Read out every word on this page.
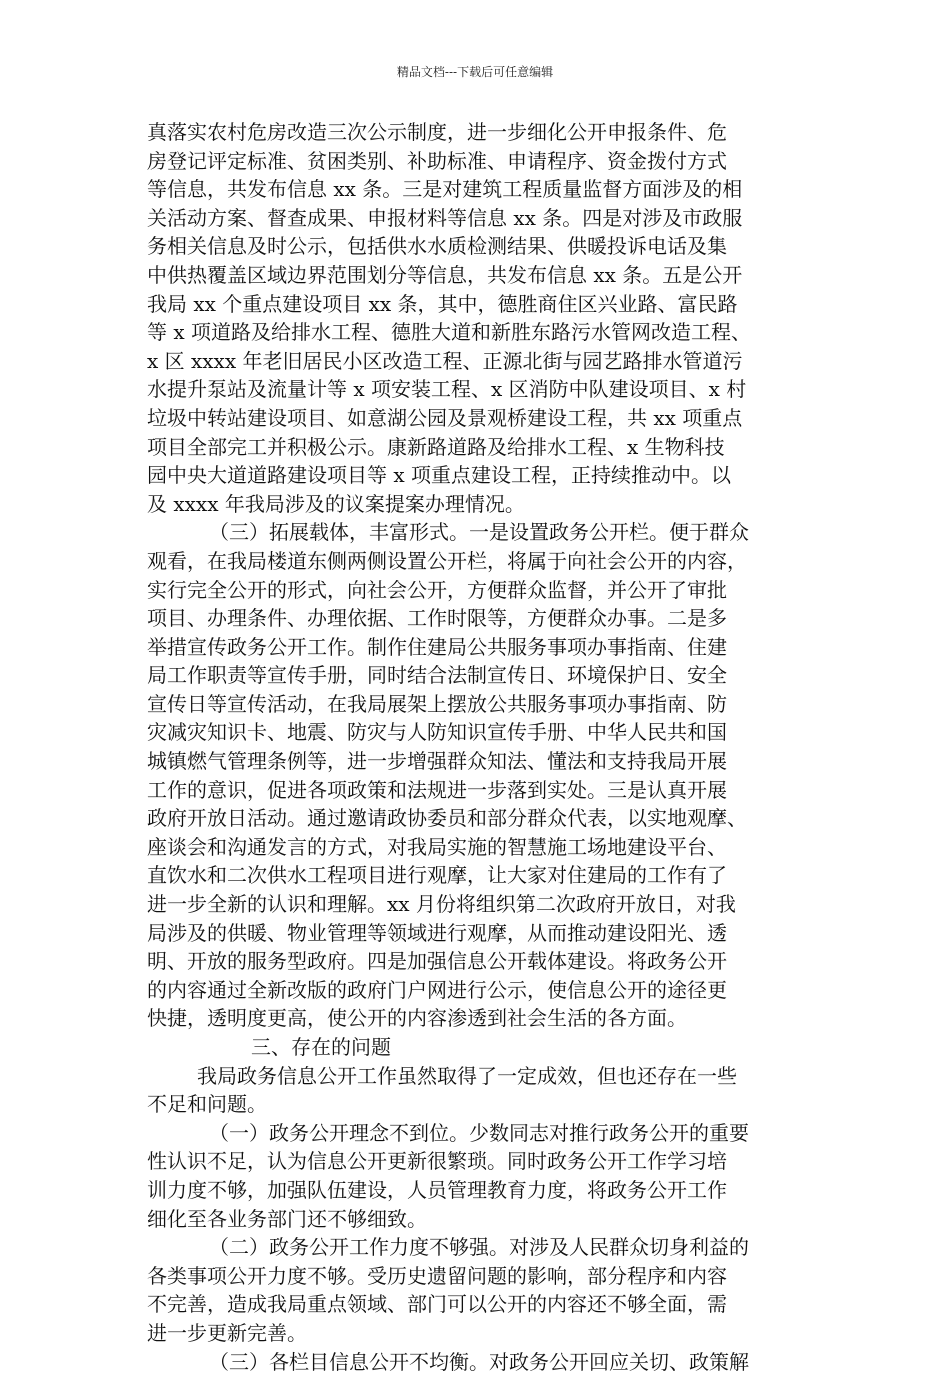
精品文档---下载后可任意编辑
真落实农村危房改造三次公示制度，进一步细化公开申报条件、危
房登记评定标准、贫困类别、补助标准、申请程序、资金拨付方式
等信息，共发布信息 xx 条。三是对建筑工程质量监督方面涉及的相
关活动方案、督查成果、申报材料等信息 xx 条。四是对涉及市政服
务相关信息及时公示，包括供水水质检测结果、供暖投诉电话及集
中供热覆盖区域边界范围划分等信息，共发布信息 xx 条。五是公开
我局 xx 个重点建设项目 xx 条，其中，德胜商住区兴业路、富民路
等 x 项道路及给排水工程、德胜大道和新胜东路污水管网改造工程、
x 区 xxxx 年老旧居民小区改造工程、正源北街与园艺路排水管道污
水提升泵站及流量计等 x 项安装工程、x 区消防中队建设项目、x 村
垃圾中转站建设项目、如意湖公园及景观桥建设工程，共 xx 项重点
项目全部完工并积极公示。康新路道路及给排水工程、x 生物科技
园中央大道道路建设项目等 x 项重点建设工程，正持续推动中。以
及 xxxx 年我局涉及的议案提案办理情况。
（三）拓展载体，丰富形式。一是设置政务公开栏。便于群众
观看，在我局楼道东侧两侧设置公开栏，将属于向社会公开的内容，
实行完全公开的形式，向社会公开，方便群众监督，并公开了审批
项目、办理条件、办理依据、工作时限等，方便群众办事。二是多
举措宣传政务公开工作。制作住建局公共服务事项办事指南、住建
局工作职责等宣传手册，同时结合法制宣传日、环境保护日、安全
宣传日等宣传活动，在我局展架上摆放公共服务事项办事指南、防
灾减灾知识卡、地震、防灾与人防知识宣传手册、中华人民共和国
城镇燃气管理条例等，进一步增强群众知法、懂法和支持我局开展
工作的意识，促进各项政策和法规进一步落到实处。三是认真开展
政府开放日活动。通过邀请政协委员和部分群众代表，以实地观摩、
座谈会和沟通发言的方式，对我局实施的智慧施工场地建设平台、
直饮水和二次供水工程项目进行观摩，让大家对住建局的工作有了
进一步全新的认识和理解。xx 月份将组织第二次政府开放日，对我
局涉及的供暖、物业管理等领域进行观摩，从而推动建设阳光、透
明、开放的服务型政府。四是加强信息公开载体建设。将政务公开
的内容通过全新改版的政府门户网进行公示，使信息公开的途径更
快捷，透明度更高，使公开的内容渗透到社会生活的各方面。
三、存在的问题
我局政务信息公开工作虽然取得了一定成效，但也还存在一些
不足和问题。
（一）政务公开理念不到位。少数同志对推行政务公开的重要
性认识不足，认为信息公开更新很繁琐。同时政务公开工作学习培
训力度不够，加强队伍建设，人员管理教育力度，将政务公开工作
细化至各业务部门还不够细致。
（二）政务公开工作力度不够强。对涉及人民群众切身利益的
各类事项公开力度不够。受历史遗留问题的影响，部分程序和内容
不完善，造成我局重点领域、部门可以公开的内容还不够全面，需
进一步更新完善。
（三）各栏目信息公开不均衡。对政务公开回应关切、政策解
